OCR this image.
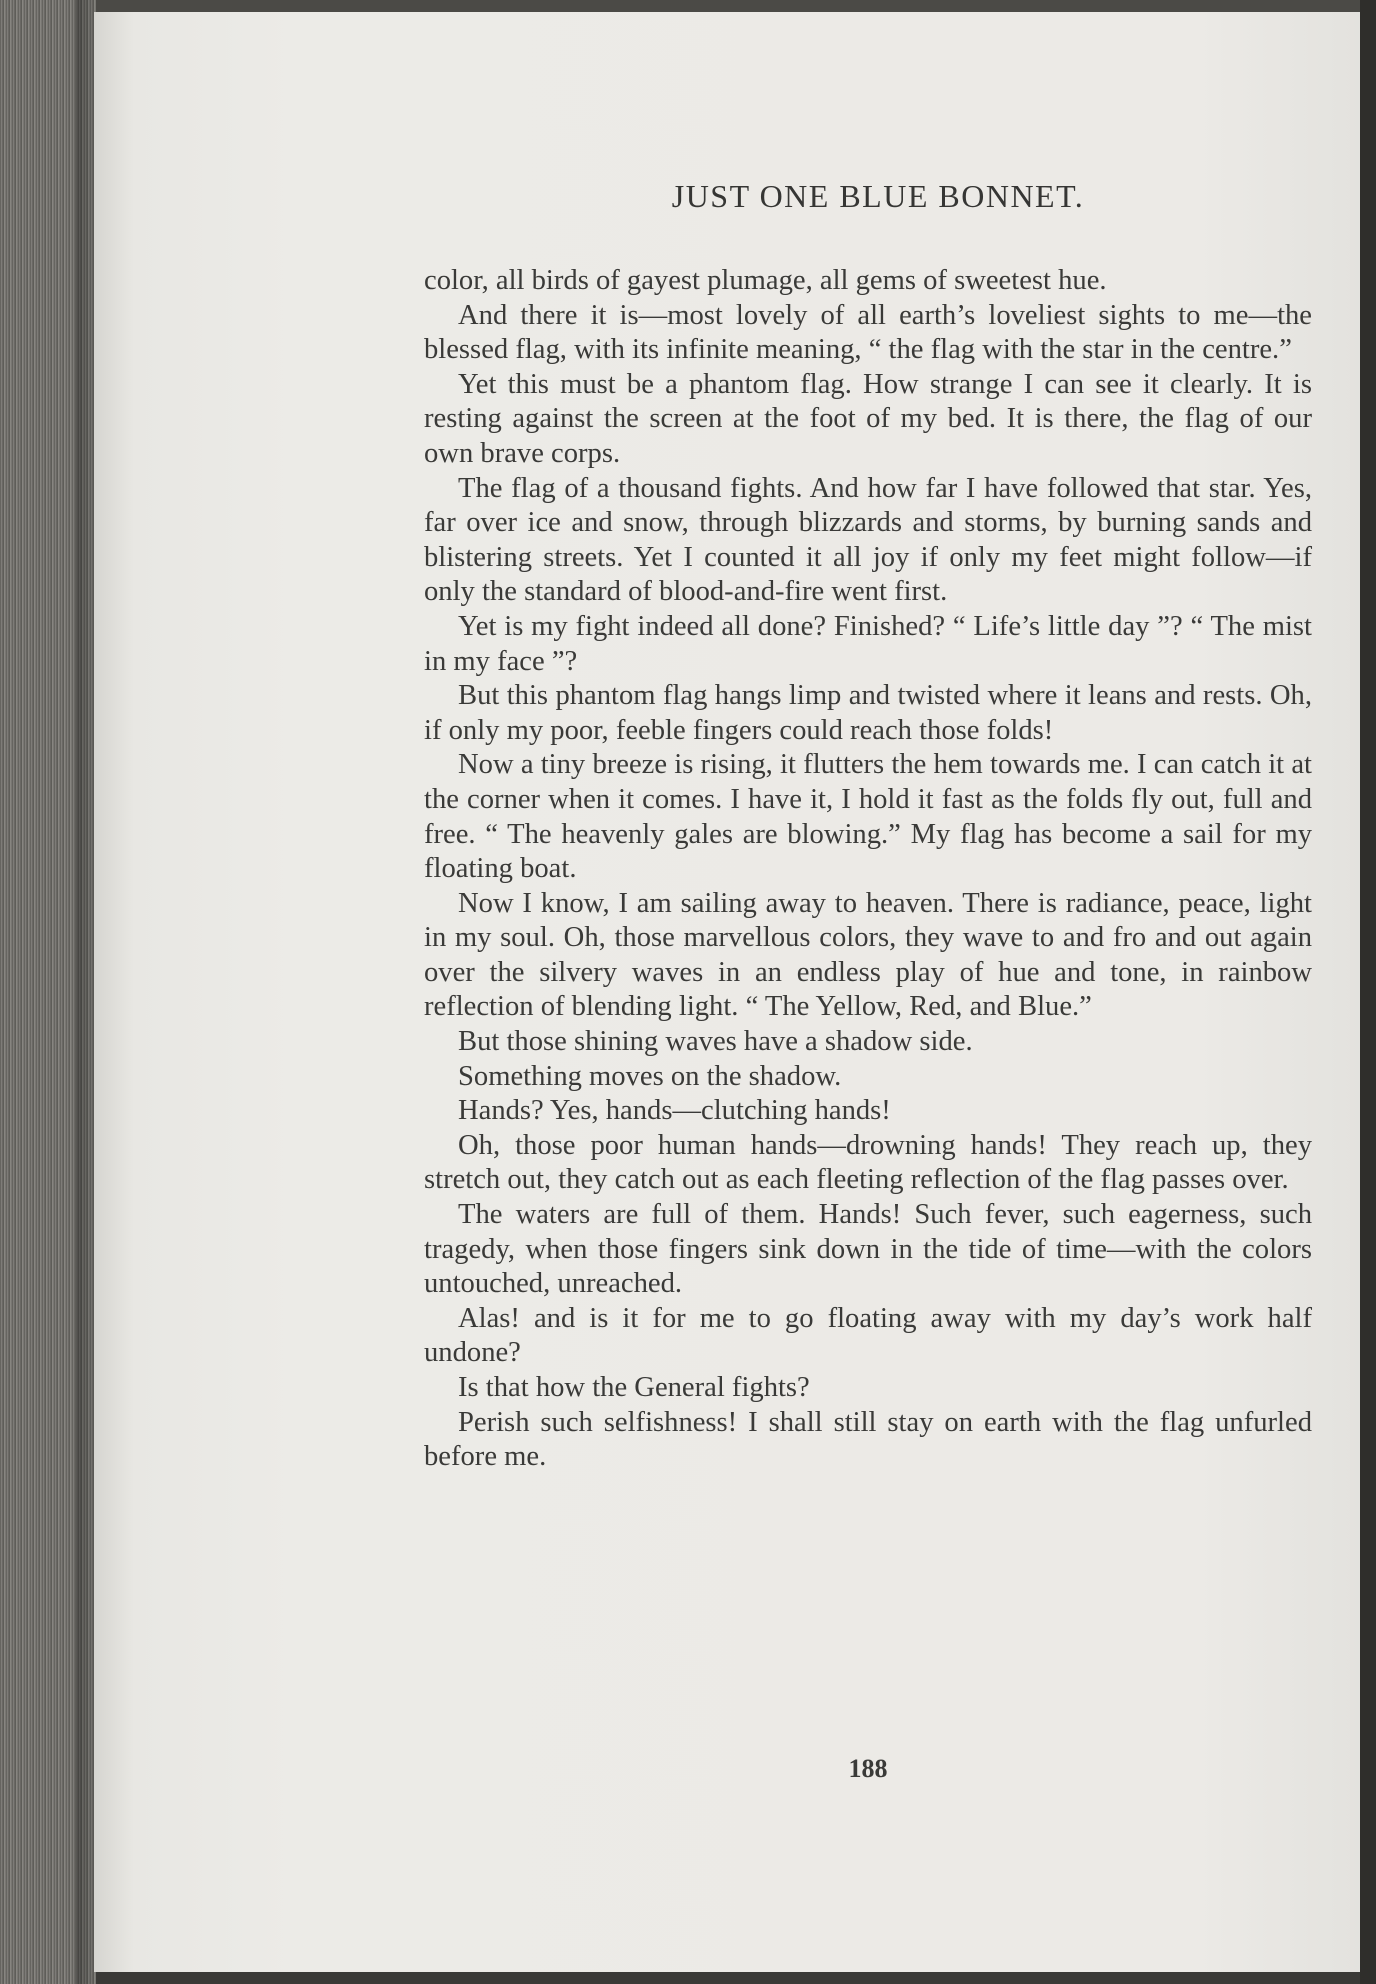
JUST ONE BLUE BONNET.

color, all birds of gayest plumage, all gems of sweetest hue.

And there it is—most lovely of all earth’s loveliest sights to me—the blessed flag, with its infinite meaning, “ the flag with the star in the centre.”

Yet this must be a phantom flag. How strange I can see it clearly. It is resting against the screen at the foot of my bed. It is there, the flag of our own brave corps.

The flag of a thousand fights. And how far I have followed that star. Yes, far over ice and snow, through blizzards and storms, by burning sands and blistering streets. Yet I counted it all joy if only my feet might follow—if only the standard of blood-and-fire went first.

Yet is my fight indeed all done? Finished? “ Life’s little day ”? “ The mist in my face ”?

But this phantom flag hangs limp and twisted where it leans and rests. Oh, if only my poor, feeble fingers could reach those folds!

Now a tiny breeze is rising, it flutters the hem towards me. I can catch it at the corner when it comes. I have it, I hold it fast as the folds fly out, full and free. “ The heavenly gales are blowing.” My flag has become a sail for my floating boat.

Now I know, I am sailing away to heaven. There is radiance, peace, light in my soul. Oh, those marvellous colors, they wave to and fro and out again over the silvery waves in an endless play of hue and tone, in rainbow reflection of blending light. “ The Yellow, Red, and Blue.”

But those shining waves have a shadow side.

Something moves on the shadow.

Hands? Yes, hands—clutching hands!

Oh, those poor human hands—drowning hands! They reach up, they stretch out, they catch out as each fleeting reflection of the flag passes over.

The waters are full of them. Hands! Such fever, such eagerness, such tragedy, when those fingers sink down in the tide of time—with the colors untouched, unreached.

Alas! and is it for me to go floating away with my day’s work half undone?

Is that how the General fights?

Perish such selfishness! I shall still stay on earth with the flag unfurled before me.

188
